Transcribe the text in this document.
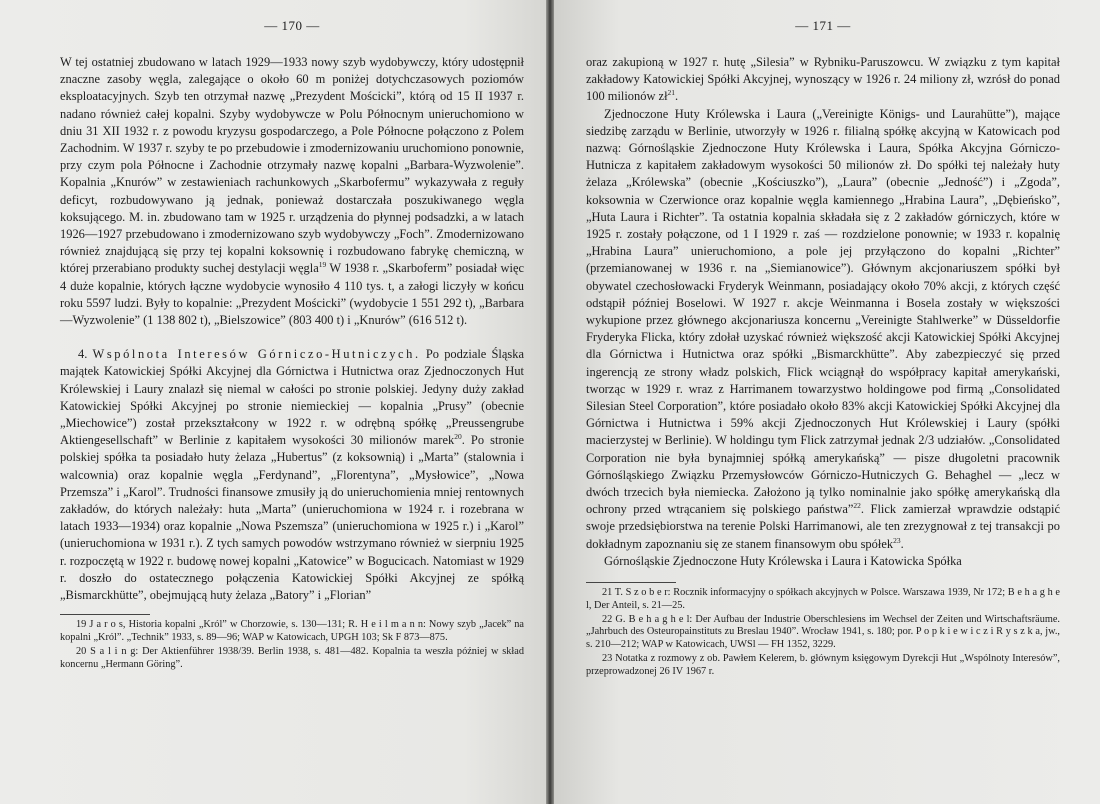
— 170 —

W tej ostatniej zbudowano w latach 1929—1933 nowy szyb wydobywczy, który udostępnił znaczne zasoby węgla, zalegające o około 60 m poniżej dotychczasowych poziomów eksploatacyjnych. Szyb ten otrzymał nazwę „Prezydent Mościcki”, którą od 15 II 1937 r. nadano również całej kopalni. Szyby wydobywcze w Polu Północnym unieruchomiono w dniu 31 XII 1932 r. z powodu kryzysu gospodarczego, a Pole Północne połączono z Polem Zachodnim. W 1937 r. szyby te po przebudowie i zmodernizowaniu uruchomiono ponownie, przy czym pola Północne i Zachodnie otrzymały nazwę kopalni „Barbara-Wyzwolenie”. Kopalnia „Knurów” w zestawieniach rachunkowych „Skarbofermu” wykazywała z reguły deficyt, rozbudowywano ją jednak, ponieważ dostarczała poszukiwanego węgla koksującego. M. in. zbudowano tam w 1925 r. urządzenia do płynnej podsadzki, a w latach 1926—1927 przebudowano i zmodernizowano szyb wydobywczy „Foch”. Zmodernizowano również znajdującą się przy tej kopalni koksownię i rozbudowano fabrykę chemiczną, w której przerabiano produkty suchej destylacji węgla$^{19}$ W 1938 r. „Skarboferm” posiadał więc 4 duże kopalnie, których łączne wydobycie wynosiło 4 110 tys. t, a załogi liczyły w końcu roku 5597 ludzi. Były to kopalnie: „Prezydent Mościcki” (wydobycie 1 551 292 t), „Barbara—Wyzwolenie” (1 138 802 t), „Bielszowice” (803 400 t) i „Knurów” (616 512 t).

4. Wspólnota Interesów Górniczo-Hutniczych. Po podziale Śląska majątek Katowickiej Spółki Akcyjnej dla Górnictwa i Hutnictwa oraz Zjednoczonych Hut Królewskiej i Laury znalazł się niemal w całości po stronie polskiej. Jedyny duży zakład Katowickiej Spółki Akcyjnej po stronie niemieckiej — kopalnia „Prusy” (obecnie „Miechowice”) został przekształcony w 1922 r. w odrębną spółkę „Preussengrube Aktiengesellschaft” w Berlinie z kapitałem wysokości 30 milionów marek$^{20}$. Po stronie polskiej spółka ta posiadało huty żelaza „Hubertus” (z koksownią) i „Marta” (stalownia i walcownia) oraz kopalnie węgla „Ferdynand”, „Florentyna”, „Mysłowice”, „Nowa Przemsza” i „Karol”. Trudności finansowe zmusiły ją do unieruchomienia mniej rentownych zakładów, do których należały: huta „Marta” (unieruchomiona w 1924 r. i rozebrana w latach 1933—1934) oraz kopalnie „Nowa Pszemsza” (unieruchomiona w 1925 r.) i „Karol” (unieruchomiona w 1931 r.). Z tych samych powodów wstrzymano również w sierpniu 1925 r. rozpoczętą w 1922 r. budowę nowej kopalni „Katowice” w Bogucicach. Natomiast w 1929 r. doszło do ostatecznego połączenia Katowickiej Spółki Akcyjnej ze spółką „Bismarckhütte”, obejmującą huty żelaza „Batory” i „Florian”

19 J a r o s, Historia kopalni „Król” w Chorzowie, s. 130—131; R. H e i l m a n n: Nowy szyb „Jacek” na kopalni „Król”. „Technik” 1933, s. 89—96; WAP w Katowicach, UPGH 103; Sk F 873—875.

20 S a l i n g: Der Aktienführer 1938/39. Berlin 1938, s. 481—482. Kopalnia ta weszła później w skład koncernu „Hermann Göring”.

— 171 —

oraz zakupioną w 1927 r. hutę „Silesia” w Rybniku-Paruszowcu. W związku z tym kapitał zakładowy Katowickiej Spółki Akcyjnej, wynoszący w 1926 r. 24 miliony zł, wzrósł do ponad 100 milionów $zł^{21}$.

Zjednoczone Huty Królewska i Laura („Vereinigte Königs- und Laurahütte”), mające siedzibę zarządu w Berlinie, utworzyły w 1926 r. filialną spółkę akcyjną w Katowicach pod nazwą: Górnośląskie Zjednoczone Huty Królewska i Laura, Spółka Akcyjna Górniczo-Hutnicza z kapitałem zakładowym wysokości 50 milionów zł. Do spółki tej należały huty żelaza „Królewska” (obecnie „Kościuszko”), „Laura” (obecnie „Jedność”) i „Zgoda”, koksownia w Czerwionce oraz kopalnie węgla kamiennego „Hrabina Laura”, „Dębieńsko”, „Huta Laura i Richter”. Ta ostatnia kopalnia składała się z 2 zakładów górniczych, które w 1925 r. zostały połączone, od 1 I 1929 r. zaś — rozdzielone ponownie; w 1933 r. kopalnię „Hrabina Laura” unieruchomiono, a pole jej przyłączono do kopalni „Richter” (przemianowanej w 1936 r. na „Siemianowice”). Głównym akcjonariuszem spółki był obywatel czechosłowacki Fryderyk Weinmann, posiadający około 70% akcji, z których część odstąpił później Boselowi. W 1927 r. akcje Weinmanna i Bosela zostały w większości wykupione przez głównego akcjonariusza koncernu „Vereinigte Stahlwerke” w Düsseldorfie Fryderyka Flicka, który zdołał uzyskać również większość akcji Katowickiej Spółki Akcyjnej dla Górnictwa i Hutnictwa oraz spółki „Bismarckhütte”. Aby zabezpieczyć się przed ingerencją ze strony władz polskich, Flick wciągnął do współpracy kapitał amerykański, tworząc w 1929 r. wraz z Harrimanem towarzystwo holdingowe pod firmą „Consolidated Silesian Steel Corporation”, które posiadało około 83% akcji Katowickiej Spółki Akcyjnej dla Górnictwa i Hutnictwa i 59% akcji Zjednoczonych Hut Królewskiej i Laury (spółki macierzystej w Berlinie). W holdingu tym Flick zatrzymał jednak 2/3 udziałów. „Consolidated Corporation nie była bynajmniej spółką amerykańską” — pisze długoletni pracownik Górnośląskiego Związku Przemysłowców Górniczo-Hutniczych G. Behaghel — „lecz w dwóch trzecich była niemiecka. Założono ją tylko nominalnie jako spółkę amerykańską dla ochrony przed wtrącaniem się polskiego państwa”$^{22}$. Flick zamierzał wprawdzie odstąpić swoje przedsiębiorstwa na terenie Polski Harrimanowi, ale ten zrezygnował z tej transakcji po dokładnym zapoznaniu się ze stanem finansowym obu spółek$^{23}$.

Górnośląskie Zjednoczone Huty Królewska i Laura i Katowicka Spółka

21 T. S z o b e r: Rocznik informacyjny o spółkach akcyjnych w Polsce. Warszawa 1939, Nr 172; B e h a g h e l, Der Anteil, s. 21—25.

22 G. B e h a g h e l: Der Aufbau der Industrie Oberschlesiens im Wechsel der Zeiten und Wirtschaftsräume. „Jahrbuch des Osteuropainstituts zu Breslau 1940”. Wrocław 1941, s. 180; por. P o p k i e w i c z i R y s z k a, jw., s. 210—212; WAP w Katowicach, UWSl — FH 1352, 3229.

23 Notatka z rozmowy z ob. Pawłem Kelerem, b. głównym księgowym Dyrekcji Hut „Wspólnoty Interesów”, przeprowadzonej 26 IV 1967 r.
